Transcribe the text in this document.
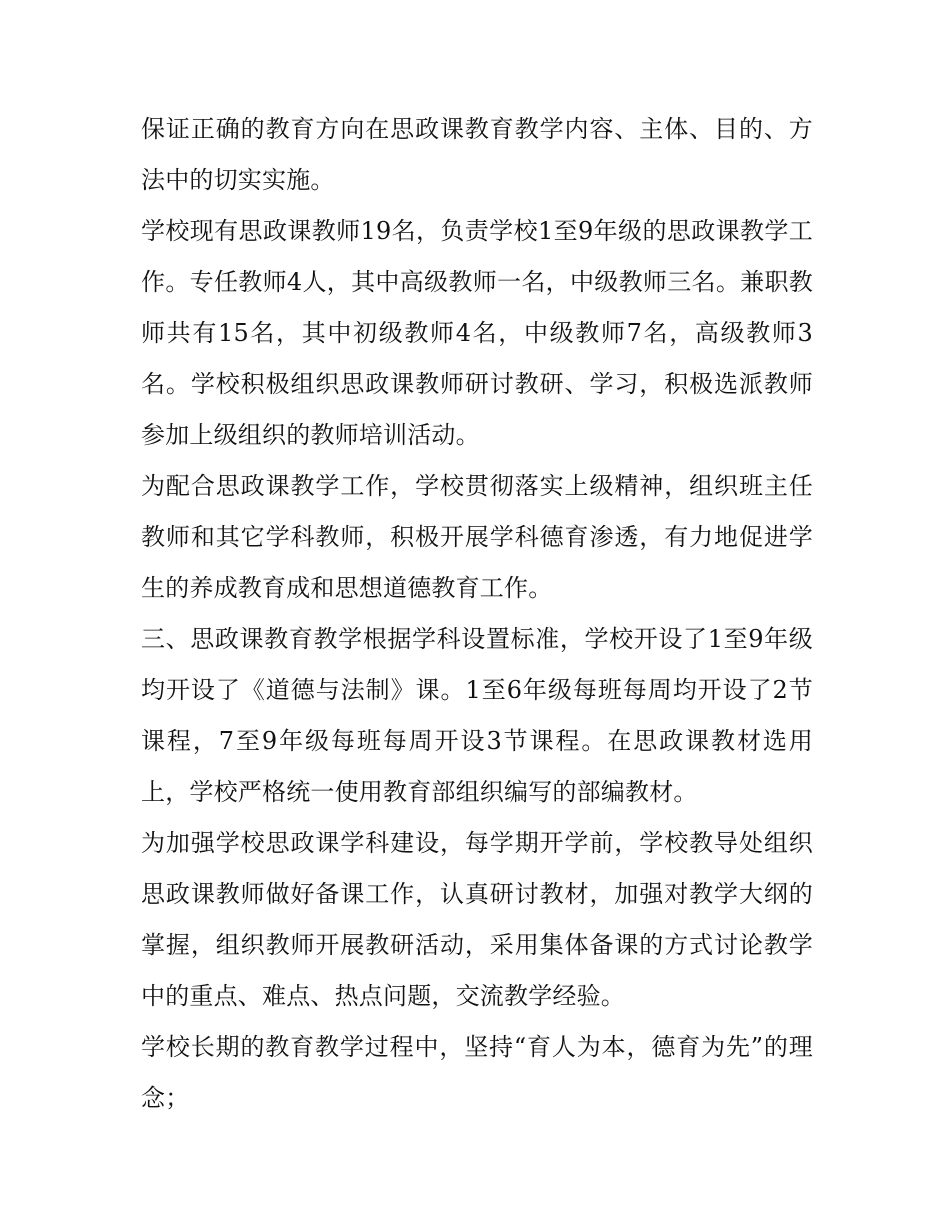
保证正确的教育方向在思政课教育教学内容、主体、目的、方法中的切实实施。

学校现有思政课教师19名，负责学校1至9年级的思政课教学工作。专任教师4人，其中高级教师一名，中级教师三名。兼职教师共有15名，其中初级教师4名，中级教师7名，高级教师3名。学校积极组织思政课教师研讨教研、学习，积极选派教师参加上级组织的教师培训活动。

为配合思政课教学工作，学校贯彻落实上级精神，组织班主任教师和其它学科教师，积极开展学科德育渗透，有力地促进学生的养成教育成和思想道德教育工作。

三、思政课教育教学根据学科设置标准，学校开设了1至9年级均开设了《道德与法制》课。1至6年级每班每周均开设了2节课程，7至9年级每班每周开设3节课程。在思政课教材选用上，学校严格统一使用教育部组织编写的部编教材。

为加强学校思政课学科建设，每学期开学前，学校教导处组织思政课教师做好备课工作，认真研讨教材，加强对教学大纲的掌握，组织教师开展教研活动，采用集体备课的方式讨论教学中的重点、难点、热点问题，交流教学经验。

学校长期的教育教学过程中，坚持“育人为本，德育为先”的理念；
